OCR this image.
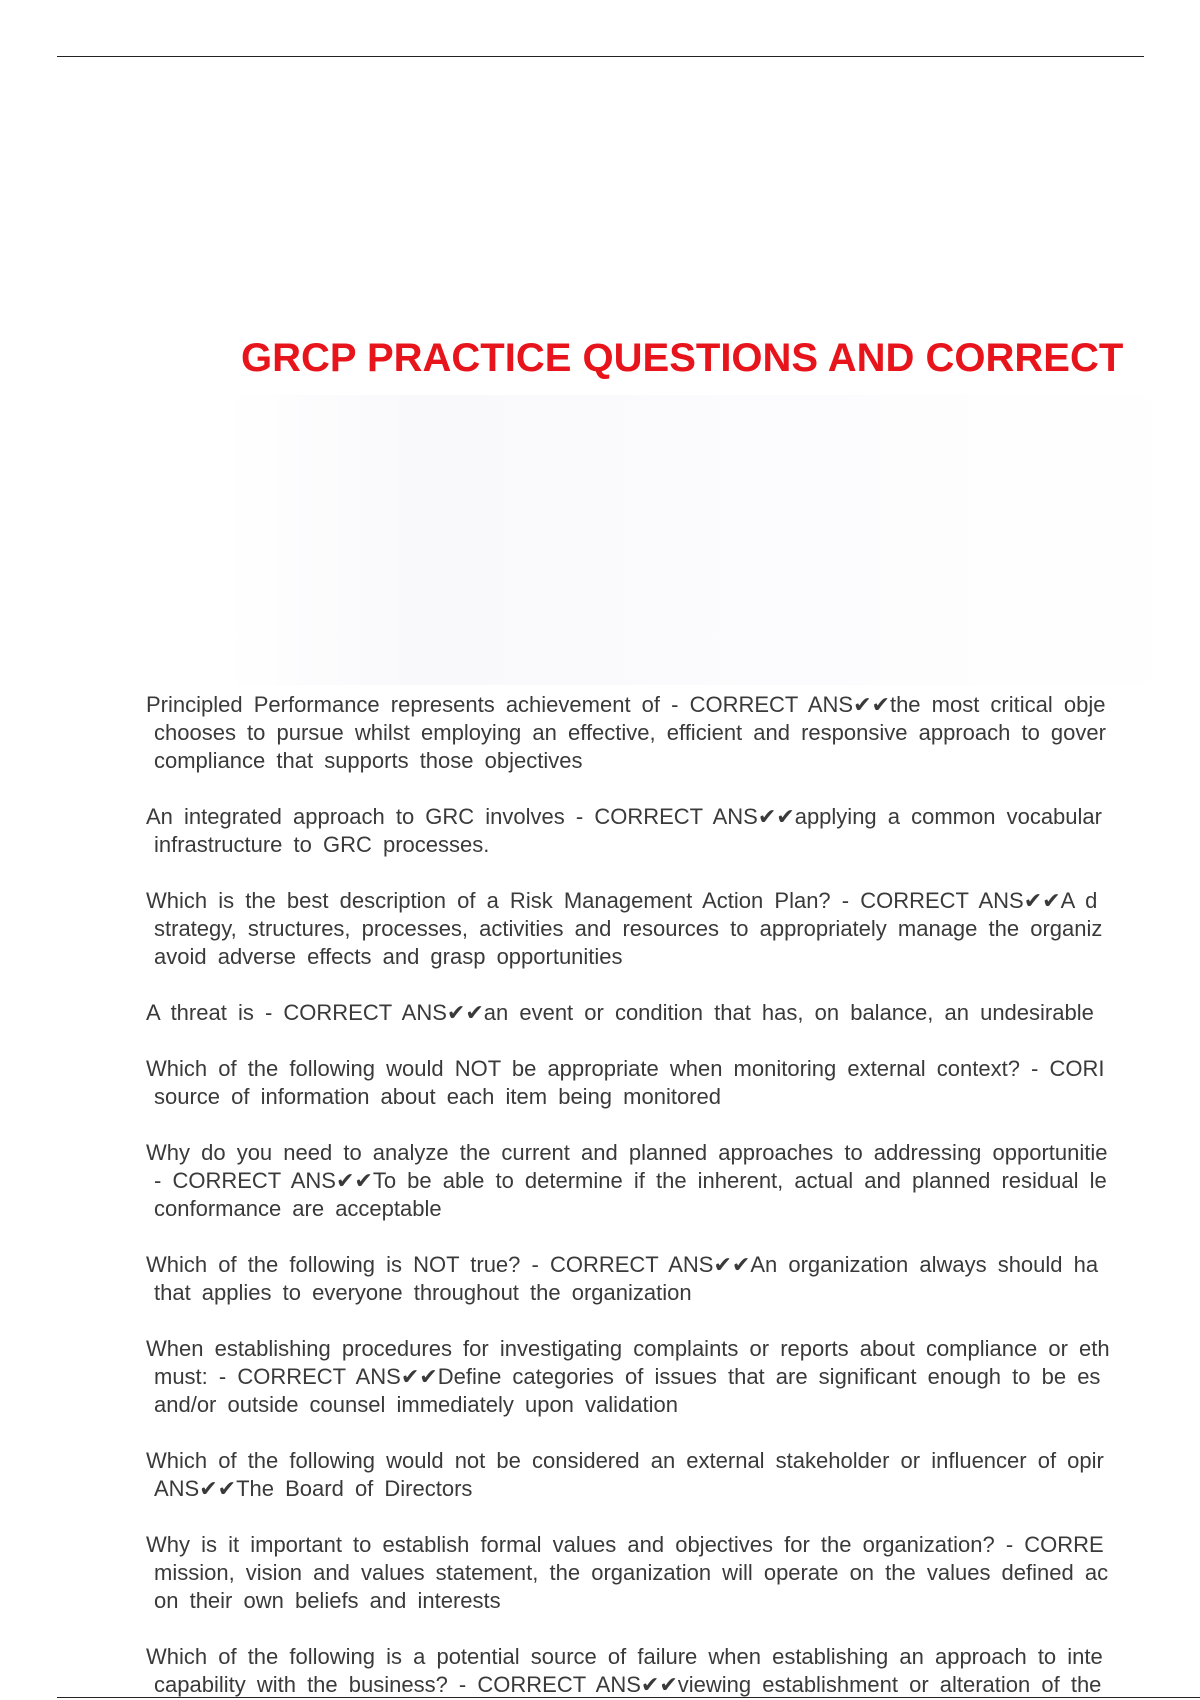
GRCP PRACTICE QUESTIONS AND CORRECT
Principled Performance represents achievement of - CORRECT ANS✔✔the most critical obje
chooses to pursue whilst employing an effective, efficient and responsive approach to gover
compliance that supports those objectives
An integrated approach to GRC involves - CORRECT ANS✔✔applying a common vocabular
infrastructure to GRC processes.
Which is the best description of a Risk Management Action Plan? - CORRECT ANS✔✔A d
strategy, structures, processes, activities and resources to appropriately manage the organiz
avoid adverse effects and grasp opportunities
A threat is - CORRECT ANS✔✔an event or condition that has, on balance, an undesirable
Which of the following would NOT be appropriate when monitoring external context? - CORI
source of information about each item being monitored
Why do you need to analyze the current and planned approaches to addressing opportunitie
- CORRECT ANS✔✔To be able to determine if the inherent, actual and planned residual le
conformance are acceptable
Which of the following is NOT true? - CORRECT ANS✔✔An organization always should ha
that applies to everyone throughout the organization
When establishing procedures for investigating complaints or reports about compliance or eth
must: - CORRECT ANS✔✔Define categories of issues that are significant enough to be es
and/or outside counsel immediately upon validation
Which of the following would not be considered an external stakeholder or influencer of opir
ANS✔✔The Board of Directors
Why is it important to establish formal values and objectives for the organization? - CORRE
mission, vision and values statement, the organization will operate on the values defined ac
on their own beliefs and interests
Which of the following is a potential source of failure when establishing an approach to inte
capability with the business? - CORRECT ANS✔✔viewing establishment or alteration of the
